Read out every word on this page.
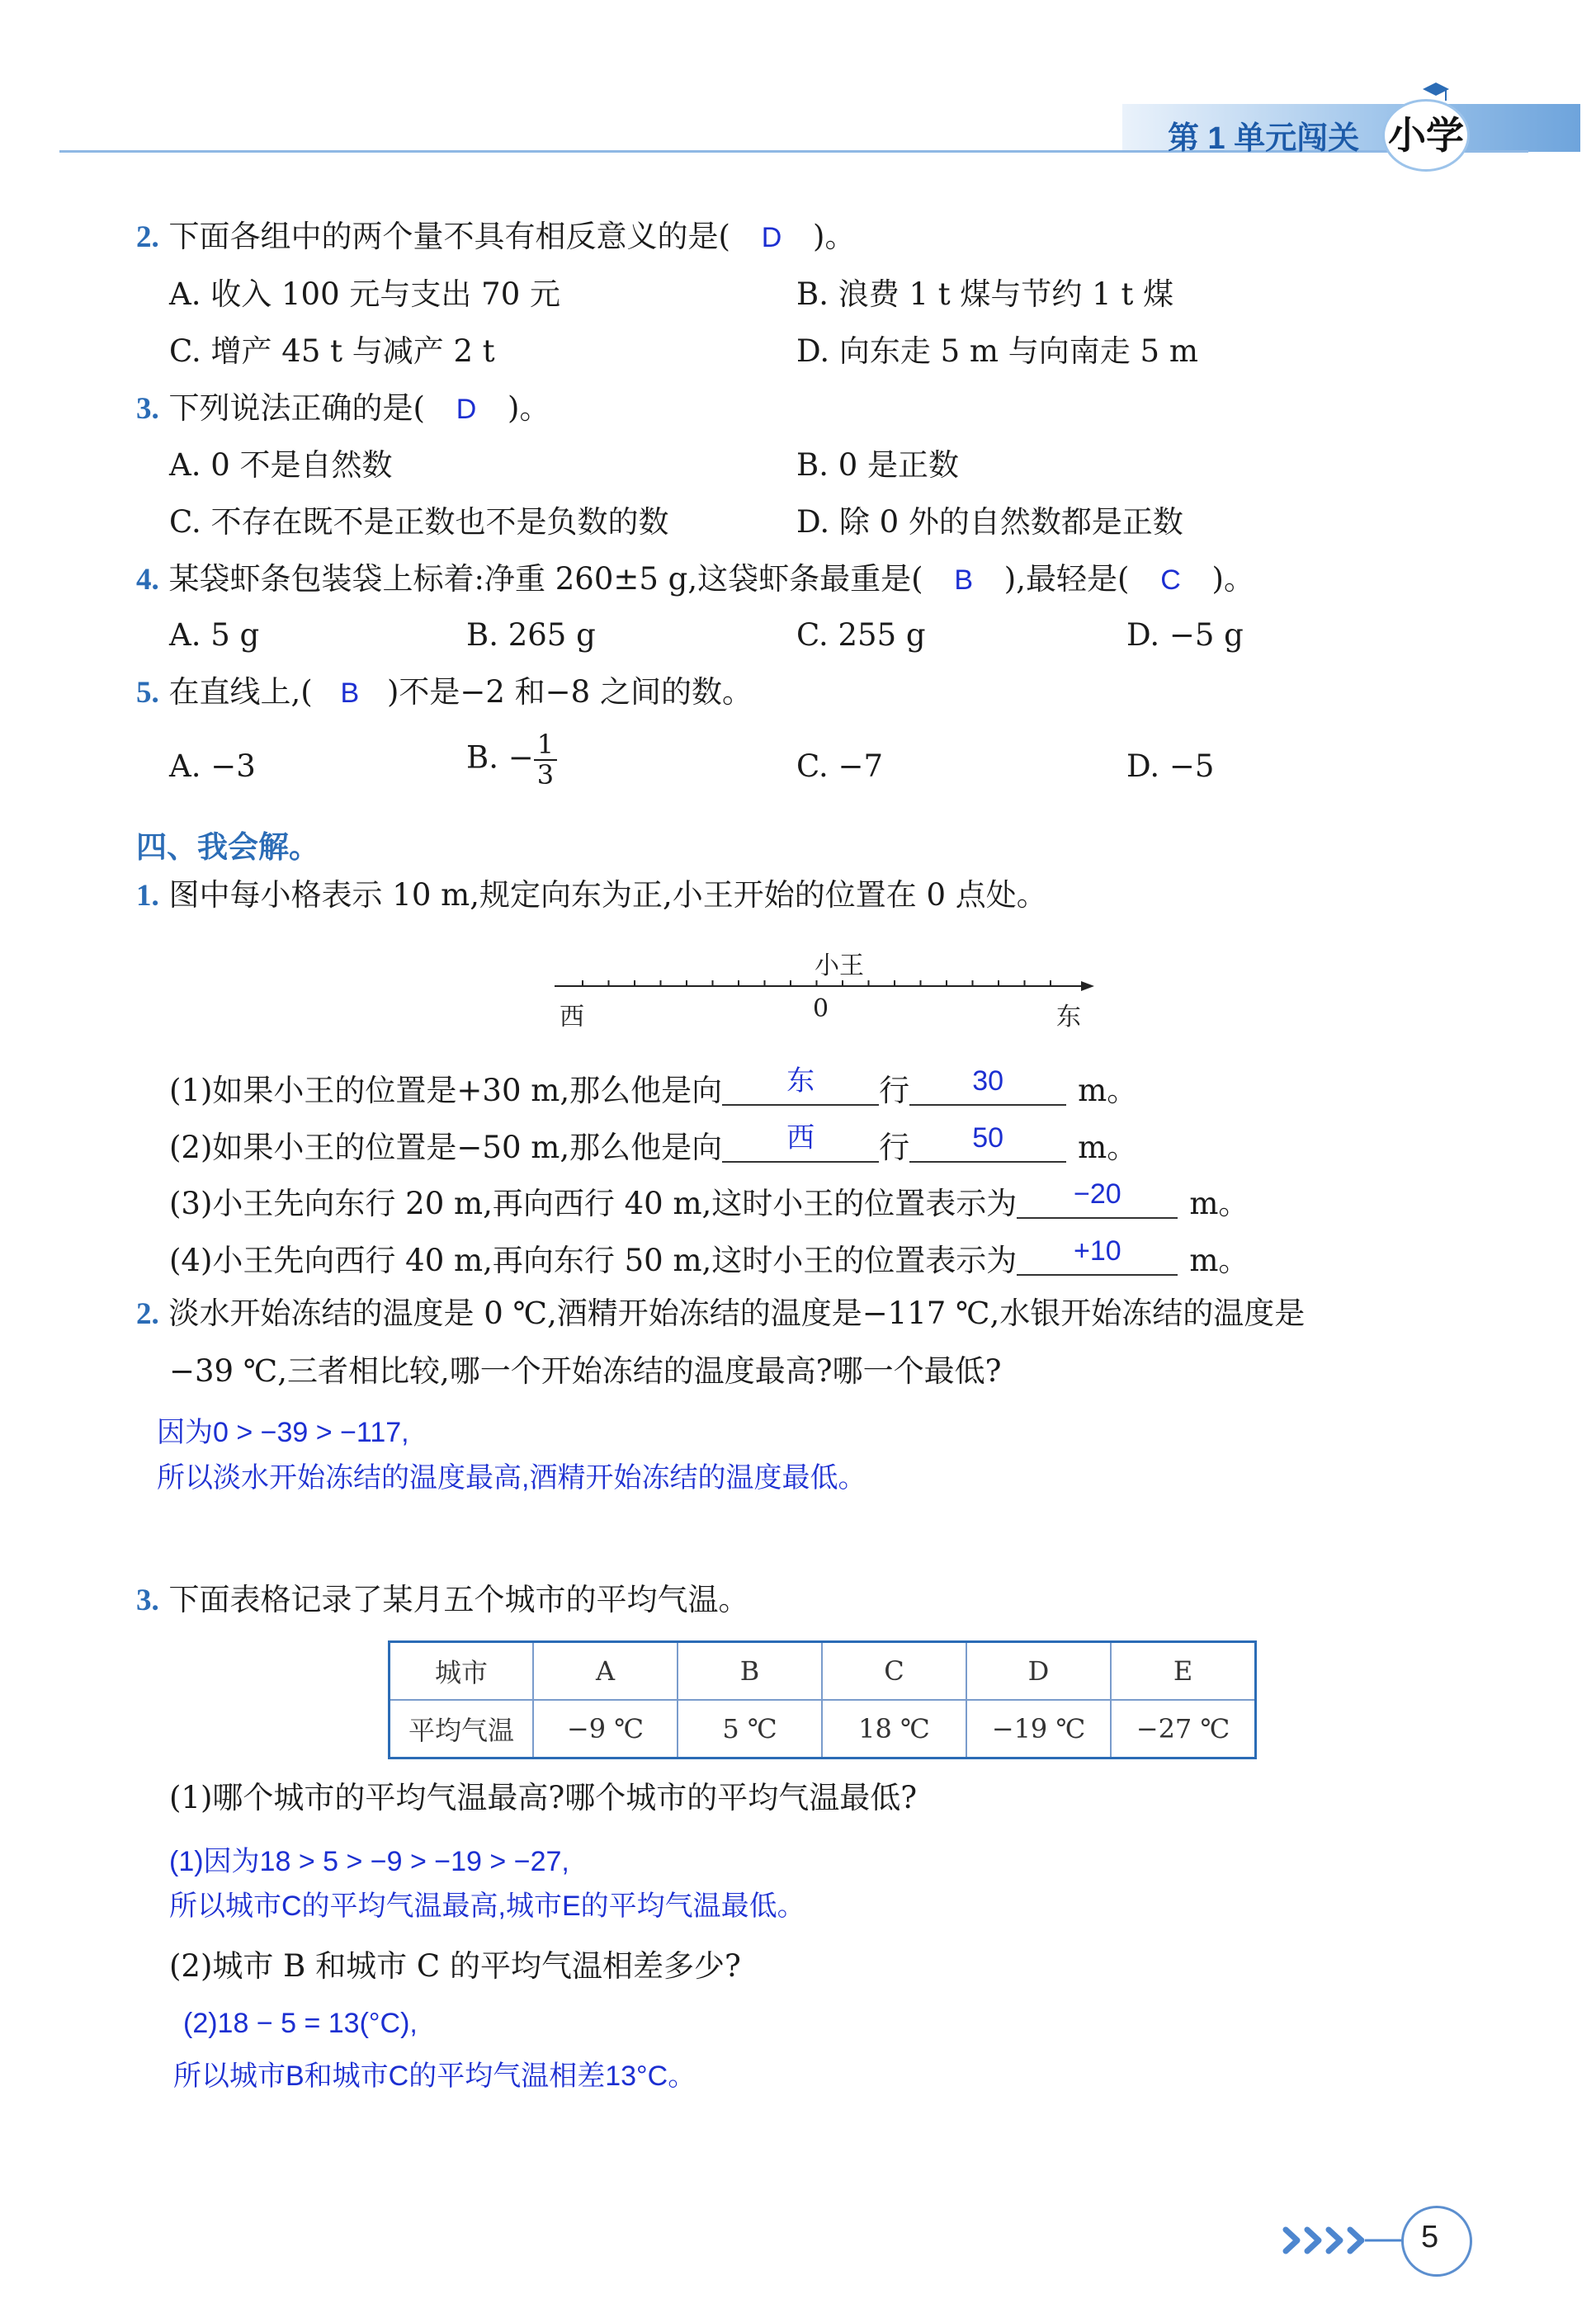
第 1 单元闯关 小学
2. 下面各组中的两个量不具有相反意义的是( D )。
A. 收入 100 元与支出 70 元	B. 浪费 1 t 煤与节约 1 t 煤
C. 增产 45 t 与减产 2 t	D. 向东走 5 m 与向南走 5 m
3. 下列说法正确的是( D )。
A. 0 不是自然数	B. 0 是正数
C. 不存在既不是正数也不是负数的数	D. 除 0 外的自然数都是正数
4. 某袋虾条包装袋上标着:净重 260±5 g,这袋虾条最重是( B ),最轻是( C )。
A. 5 g	B. 265 g	C. 255 g	D. −5 g
5. 在直线上,( B )不是−2 和−8 之间的数。
A. −3	B. − $\frac{1}{3}$	C. −7	D. −5
四、我会解。
1. 图中每小格表示 10 m,规定向东为正,小王开始的位置在 0 点处。
小王
0
西	东
(1)如果小王的位置是+30 m,那么他是向 东 行 30 m。
(2)如果小王的位置是−50 m,那么他是向 西 行 50 m。
(3)小王先向东行 20 m,再向西行 40 m,这时小王的位置表示为 −20 m。
(4)小王先向西行 40 m,再向东行 50 m,这时小王的位置表示为 +10 m。
2. 淡水开始冻结的温度是 0 ℃,酒精开始冻结的温度是−117 ℃,水银开始冻结的温度是
−39 ℃,三者相比较,哪一个开始冻结的温度最高?哪一个最低?
因为0 > −39 > −117,
所以淡水开始冻结的温度最高,酒精开始冻结的温度最低。
3. 下面表格记录了某月五个城市的平均气温。
城市	A	B	C	D	E
平均气温	−9 ℃	5 ℃	18 ℃	−19 ℃	−27 ℃
(1)哪个城市的平均气温最高?哪个城市的平均气温最低?
(1)因为18 > 5 > −9 > −19 > −27,
所以城市C的平均气温最高,城市E的平均气温最低。
(2)城市 B 和城市 C 的平均气温相差多少?
(2)18 − 5 = 13(°C),
所以城市B和城市C的平均气温相差13°C。
5
